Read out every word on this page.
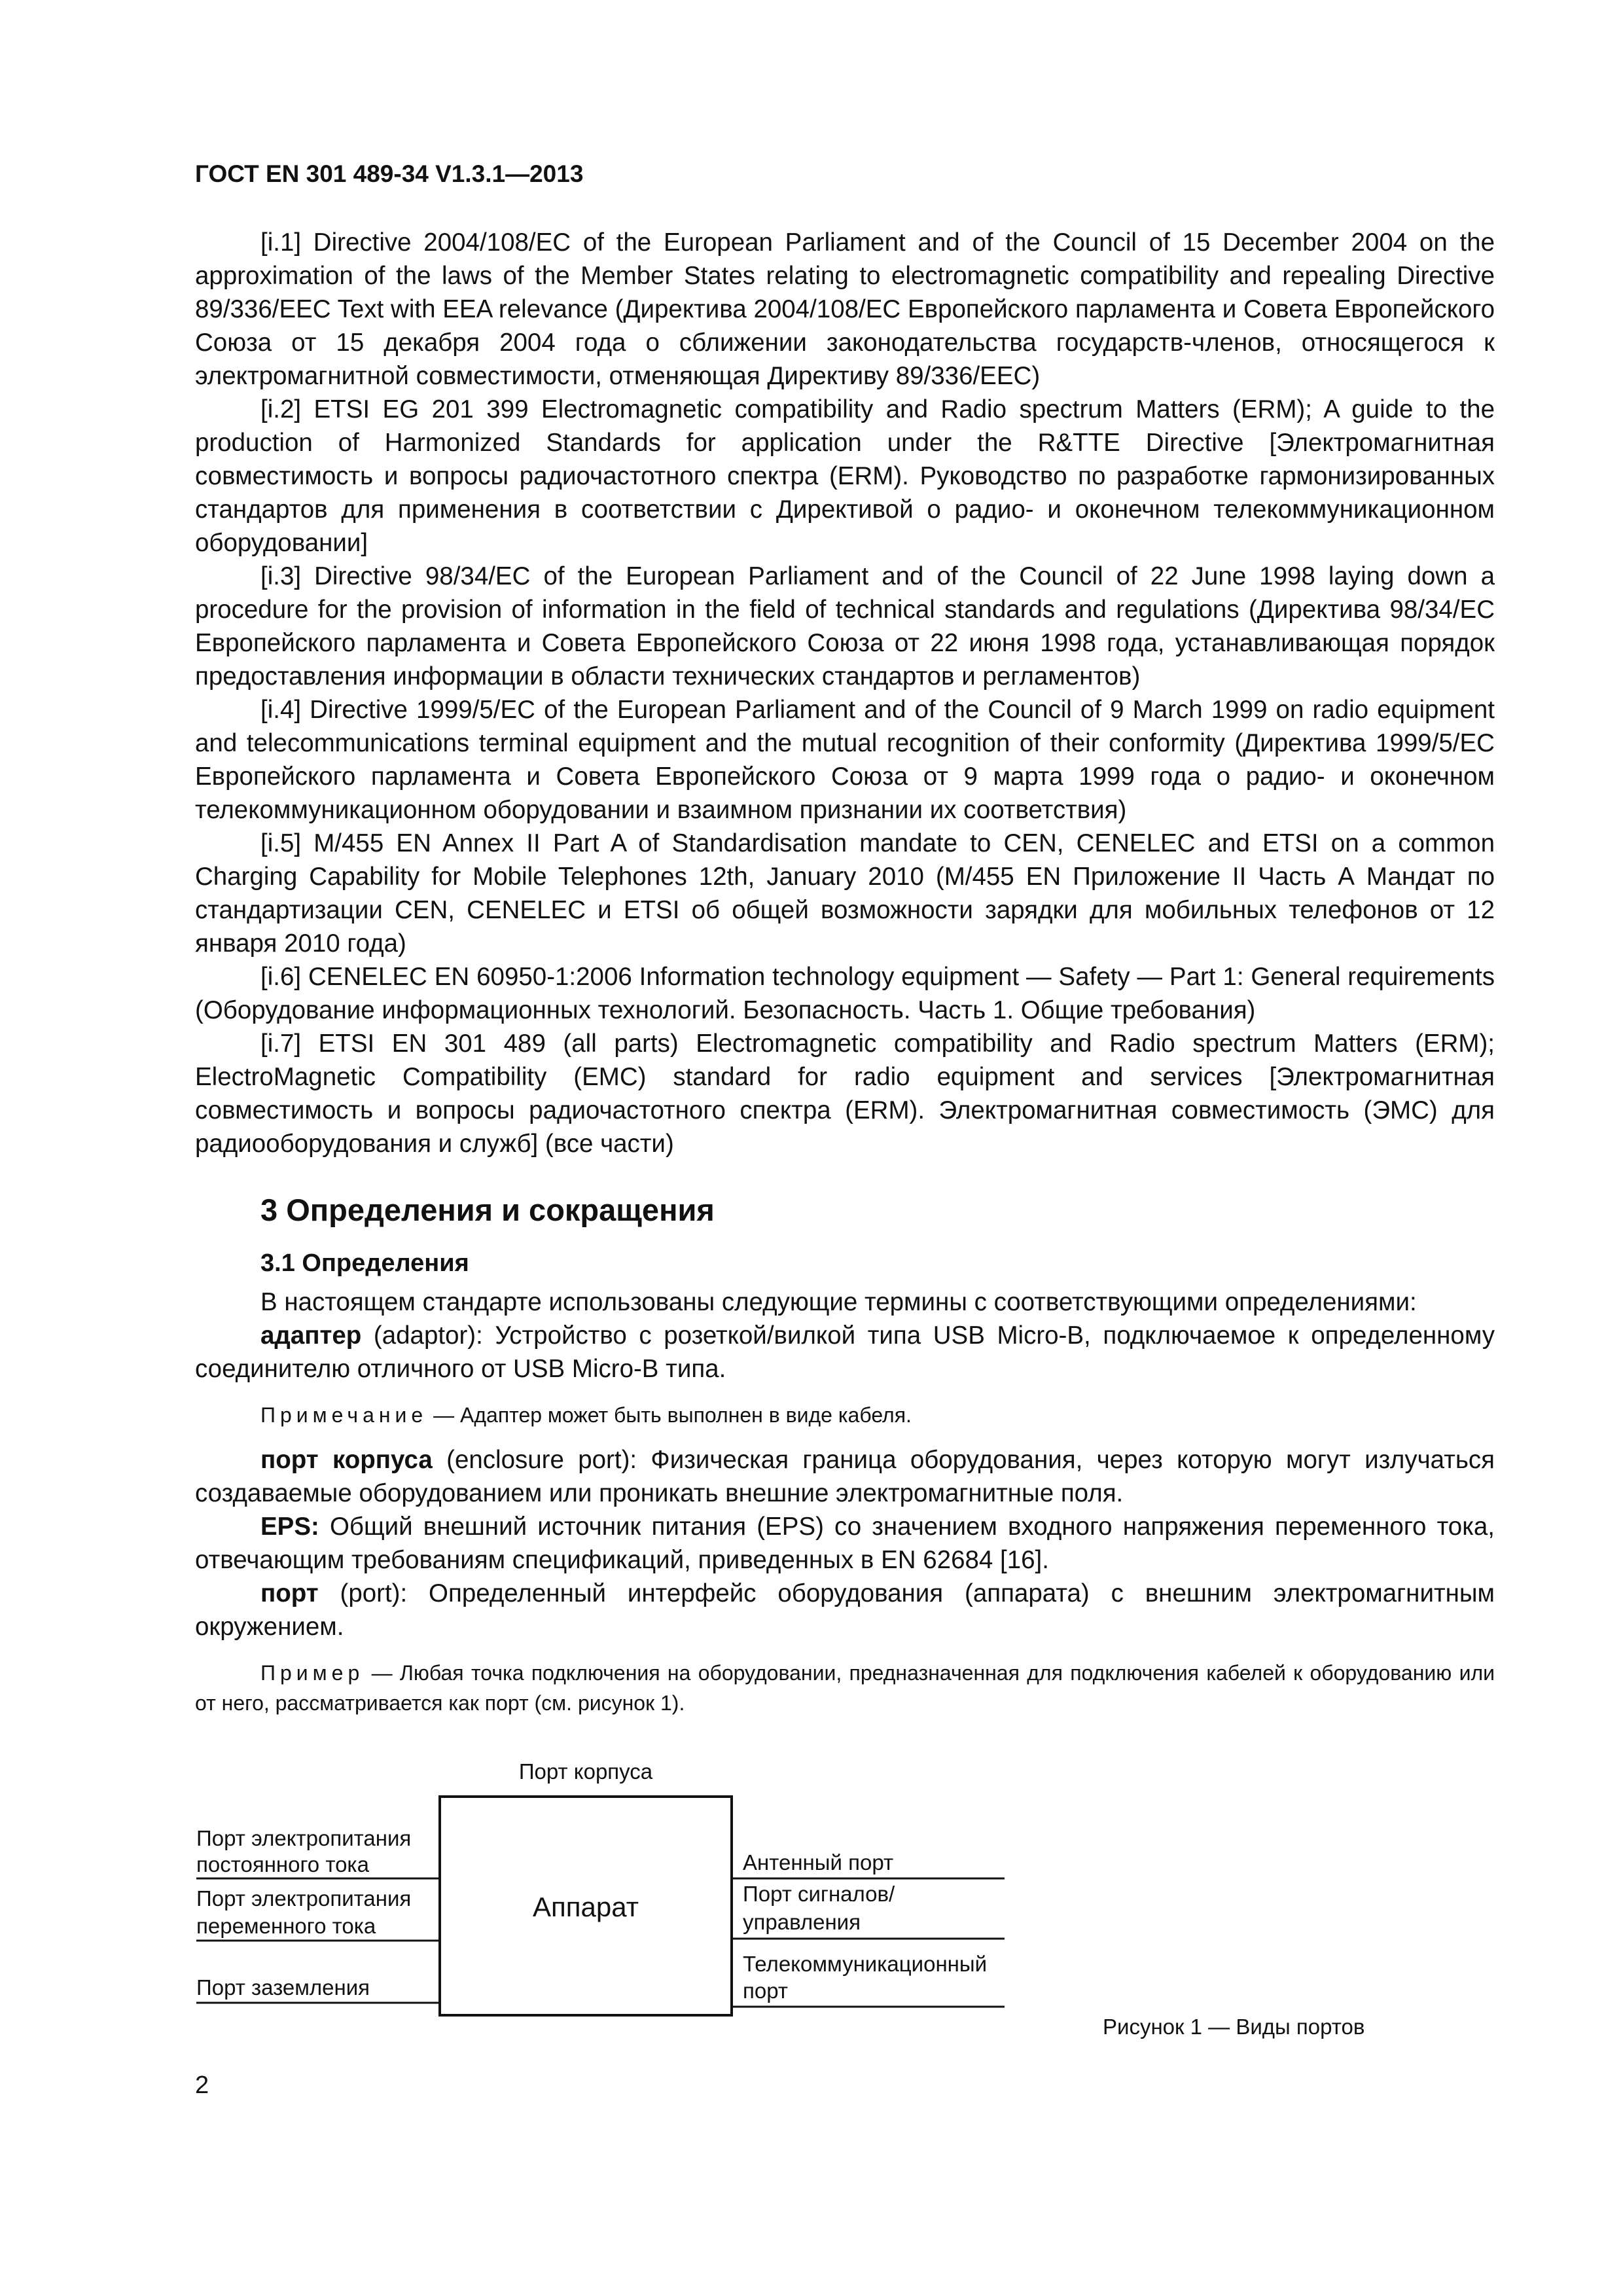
ГОСТ EN 301 489-34 V1.3.1—2013

[i.1] Directive 2004/108/EC of the European Parliament and of the Council of 15 December 2004 on the approximation of the laws of the Member States relating to electromagnetic compatibility and repealing Directive 89/336/EEC Text with EEA relevance (Директива 2004/108/ЕС Европейского парламента и Совета Европейского Союза от 15 декабря 2004 года о сближении законодательства государств-членов, относящегося к электромагнитной совместимости, отменяющая Директиву 89/336/ЕЕС)

[i.2] ETSI EG 201 399 Electromagnetic compatibility and Radio spectrum Matters (ERM); A guide to the production of Harmonized Standards for application under the R&TTE Directive [Электромагнитная совместимость и вопросы радиочастотного спектра (ERM). Руководство по разработке гармонизированных стандартов для применения в соответствии с Директивой о радио- и оконечном телекоммуникационном оборудовании]

[i.3] Directive 98/34/EC of the European Parliament and of the Council of 22 June 1998 laying down a procedure for the provision of information in the field of technical standards and regulations (Директива 98/34/ЕС Европейского парламента и Совета Европейского Союза от 22 июня 1998 года, устанавливающая порядок предоставления информации в области технических стандартов и регламентов)

[i.4] Directive 1999/5/EC of the European Parliament and of the Council of 9 March 1999 on radio equipment and telecommunications terminal equipment and the mutual recognition of their conformity (Директива 1999/5/ЕС Европейского парламента и Совета Европейского Союза от 9 марта 1999 года о радио- и оконечном телекоммуникационном оборудовании и взаимном признании их соответствия)

[i.5] M/455 EN Annex II Part A of Standardisation mandate to CEN, CENELEC and ETSI on a common Charging Capability for Mobile Telephones 12th, January 2010 (M/455 EN Приложение II Часть А Мандат по стандартизации CEN, CENELEC и ETSI об общей возможности зарядки для мобильных телефонов от 12 января 2010 года)

[i.6] CENELEC EN 60950-1:2006 Information technology equipment — Safety — Part 1: General requirements (Оборудование информационных технологий. Безопасность. Часть 1. Общие требования)

[i.7] ETSI EN 301 489 (all parts) Electromagnetic compatibility and Radio spectrum Matters (ERM); ElectroMagnetic Compatibility (EMC) standard for radio equipment and services [Электромагнитная совместимость и вопросы радиочастотного спектра (ERM). Электромагнитная совместимость (ЭМС) для радиооборудования и служб] (все части)

3 Определения и сокращения

3.1 Определения

В настоящем стандарте использованы следующие термины с соответствующими определениями:

адаптер (adaptor): Устройство с розеткой/вилкой типа USB Micro-B, подключаемое к определенному соединителю отличного от USB Micro-B типа.

Примечание — Адаптер может быть выполнен в виде кабеля.

порт корпуса (enclosure port): Физическая граница оборудования, через которую могут излучаться создаваемые оборудованием или проникать внешние электромагнитные поля.

EPS: Общий внешний источник питания (EPS) со значением входного напряжения переменного тока, отвечающим требованиям спецификаций, приведенных в EN 62684 [16].

порт (port): Определенный интерфейс оборудования (аппарата) с внешним электромагнитным окружением.

Пример — Любая точка подключения на оборудовании, предназначенная для подключения кабелей к оборудованию или от него, рассматривается как порт (см. рисунок 1).

Порт корпуса
Аппарат
Порт электропитания
постоянного тока
Порт электропитания
переменного тока
Порт заземления
Антенный порт
Порт сигналов/
управления
Телекоммуникационный
порт
Рисунок 1 — Виды портов
2
